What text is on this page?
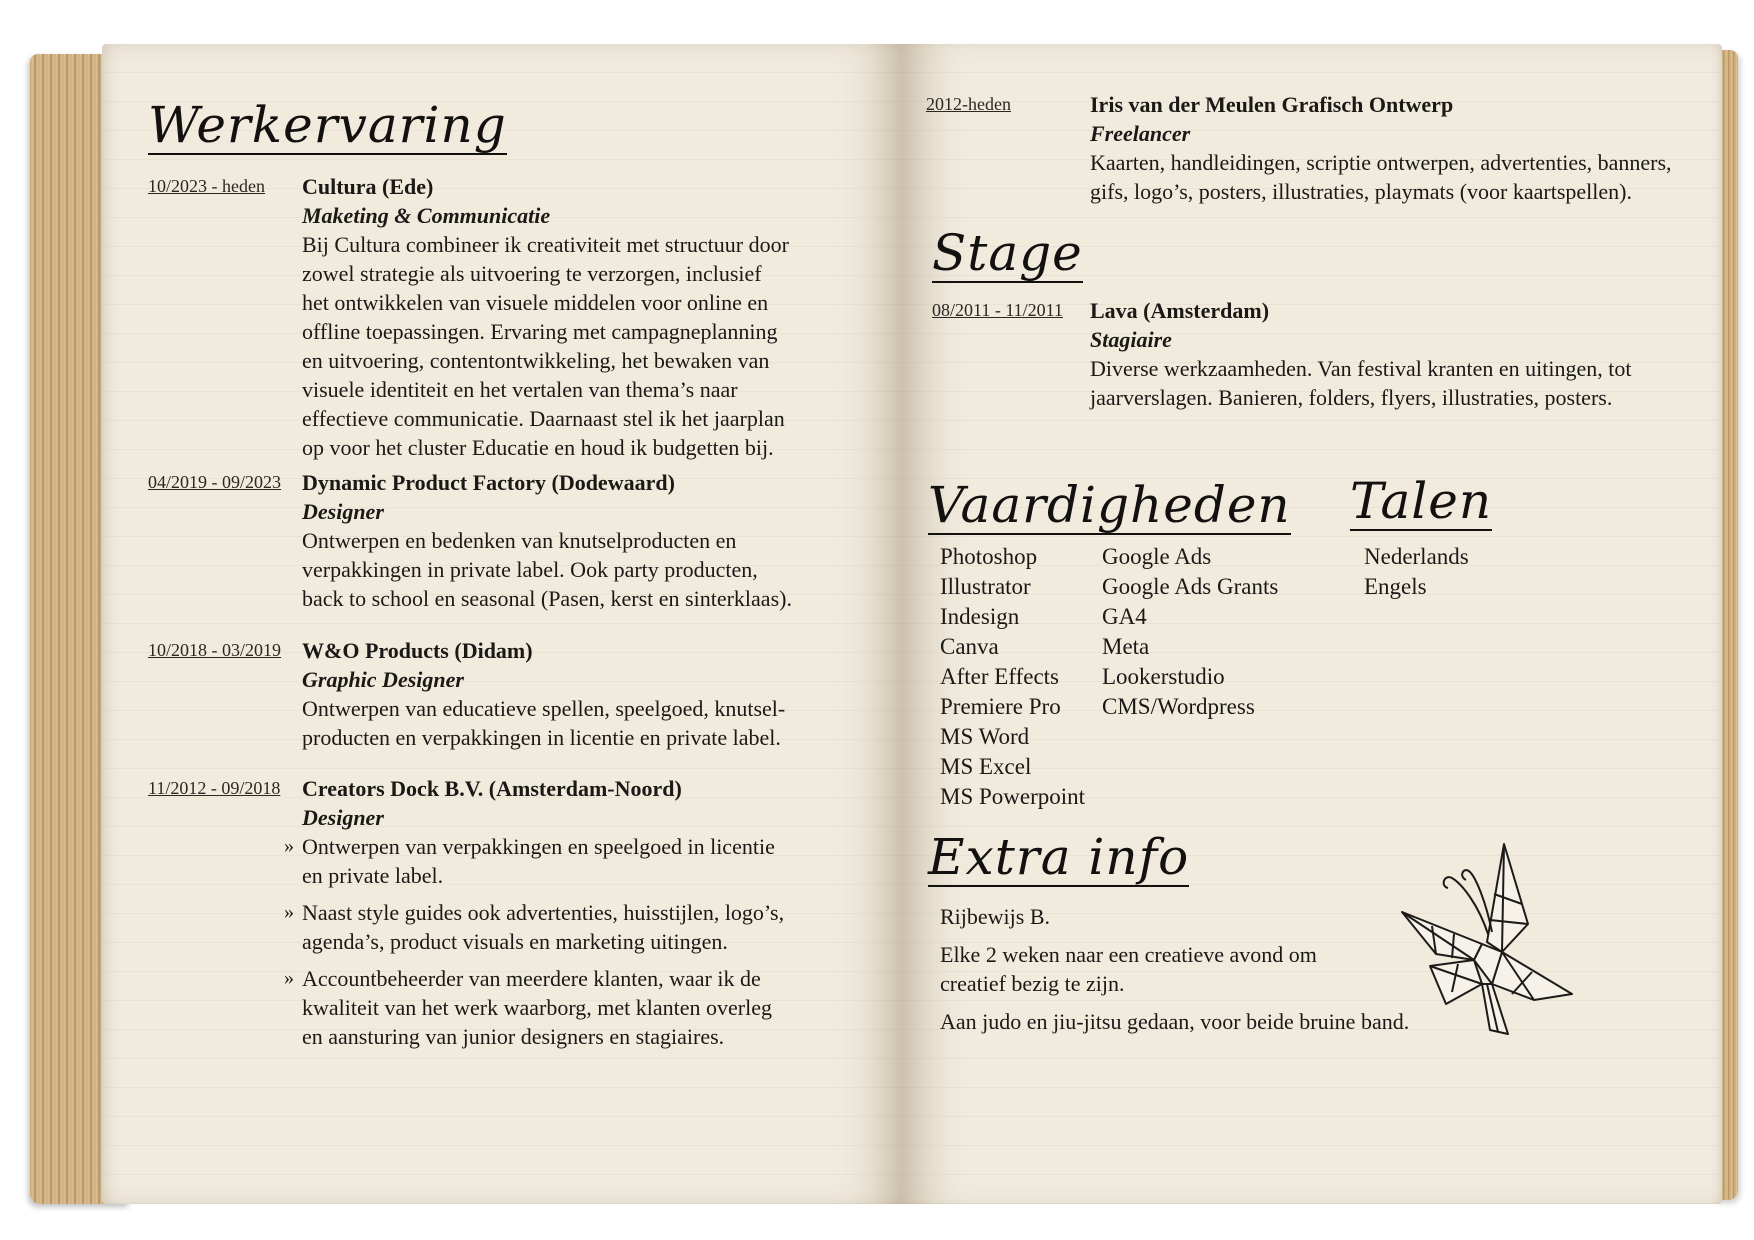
Werkervaring
10/2023 - heden Cultura (Ede)
Maketing & Communicatie

Bij Cultura combineer ik creativiteit met structuur door zowel strategie als uitvoering te verzorgen, inclusief het ontwikkelen van visuele middelen voor online en offline toepassingen. Ervaring met campagneplanning en uitvoering, contentontwikkeling, het bewaken van visuele identiteit en het vertalen van thema’s naar effectieve communicatie. Daarnaast stel ik het jaarplan op voor het cluster Educatie en houd ik budgetten bij.

04/2019 - 09/2023 Dynamic Product Factory (Dodewaard)
Designer

Ontwerpen en bedenken van knutselproducten en verpakkingen in private label. Ook party producten, back to school en seasonal (Pasen, kerst en sinterklaas).

10/2018 - 03/2019 W&O Products (Didam)
Graphic Designer

Ontwerpen van educatieve spellen, speelgoed, knutsel-producten en verpakkingen in licentie en private label.

11/2012 - 09/2018 Creators Dock B.V. (Amsterdam-Noord)
Designer
» Ontwerpen van verpakkingen en speelgoed in licentie en private label.
» Naast style guides ook advertenties, huisstijlen, logo’s, agenda’s, product visuals en marketing uitingen.
» Accountbeheerder van meerdere klanten, waar ik de kwaliteit van het werk waarborg, met klanten overleg en aansturing van junior designers en stagiaires.
2012-heden	Iris van der Meulen Grafisch Ontwerp
Freelancer

Kaarten, handleidingen, scriptie ontwerpen, advertenties, banners, gifs, logo’s, posters, illustraties, playmats (voor kaartspellen).

Stage
08/2011 - 11/2011 Lava (Amsterdam)
Stagiaire

Diverse werkzaamheden. Van festival kranten en uitingen, tot jaarverslagen. Banieren, folders, flyers, illustraties, posters.

Vaardigheden
Photoshop
Illustrator
Indesign
Canva
After Effects
Premiere Pro
MS Word
MS Excel
MS Powerpoint
Google Ads
Google Ads Grants
GA4
Meta
Lookerstudio
CMS/Wordpress
Talen
Nederlands
Engels
Extra info

Rijbewijs B.

Elke 2 weken naar een creatieve avond om creatief bezig te zijn.

Aan judo en jiu-jitsu gedaan, voor beide bruine band.
